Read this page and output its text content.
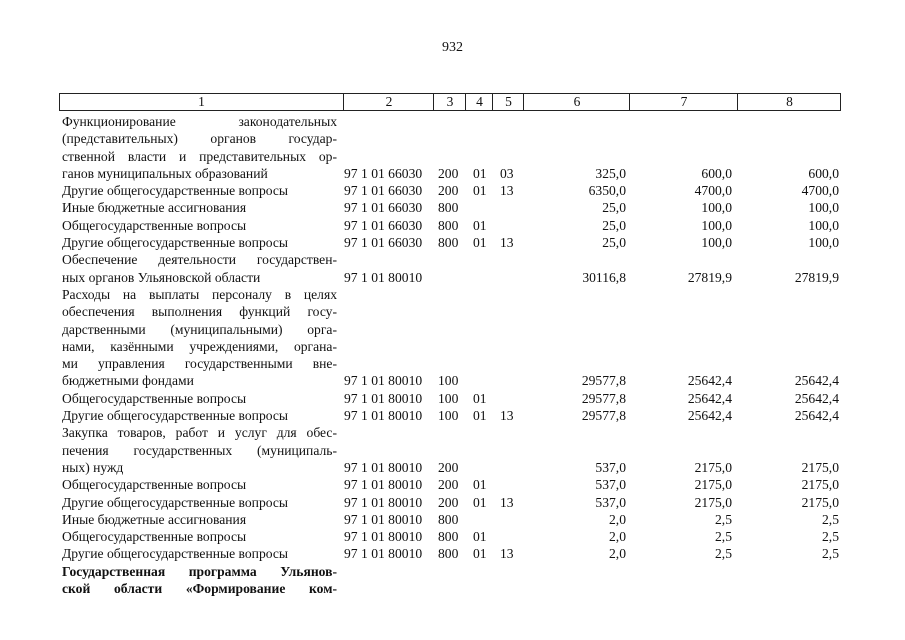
932
1	2	3	4	5	6	7	8
Функционирование законодательных
(представительных) органов государ-
ственной власти и представительных ор-
ганов муниципальных образований	97 1 01 66030 200 01 03	325,0	600,0	600,0
Другие общегосударственные вопросы	97 1 01 66030 200 01 13	6350,0	4700,0	4700,0
Иные бюджетные ассигнования	97 1 01 66030 800	25,0	100,0	100,0
Общегосударственные вопросы	97 1 01 66030 800 01	25,0	100,0	100,0
Другие общегосударственные вопросы	97 1 01 66030 800 01 13	25,0	100,0	100,0
Обеспечение деятельности государствен-
ных органов Ульяновской области	97 1 01 80010	30116,8	27819,9	27819,9
Расходы на выплаты персоналу в целях
обеспечения выполнения функций госу-
дарственными (муниципальными) орга-
нами, казёнными учреждениями, органа-
ми управления государственными вне-
бюджетными фондами	97 1 01 80010 100	29577,8	25642,4	25642,4
Общегосударственные вопросы	97 1 01 80010 100 01	29577,8	25642,4	25642,4
Другие общегосударственные вопросы	97 1 01 80010 100 01 13	29577,8	25642,4	25642,4
Закупка товаров, работ и услуг для обес-
печения государственных (муниципаль-
ных) нужд	97 1 01 80010 200	537,0	2175,0	2175,0
Общегосударственные вопросы	97 1 01 80010 200 01	537,0	2175,0	2175,0
Другие общегосударственные вопросы	97 1 01 80010 200 01 13	537,0	2175,0	2175,0
Иные бюджетные ассигнования	97 1 01 80010 800	2,0	2,5	2,5
Общегосударственные вопросы	97 1 01 80010 800 01	2,0	2,5	2,5
Другие общегосударственные вопросы	97 1 01 80010 800 01 13	2,0	2,5	2,5
Государственная программа Ульянов-
ской области «Формирование ком-
